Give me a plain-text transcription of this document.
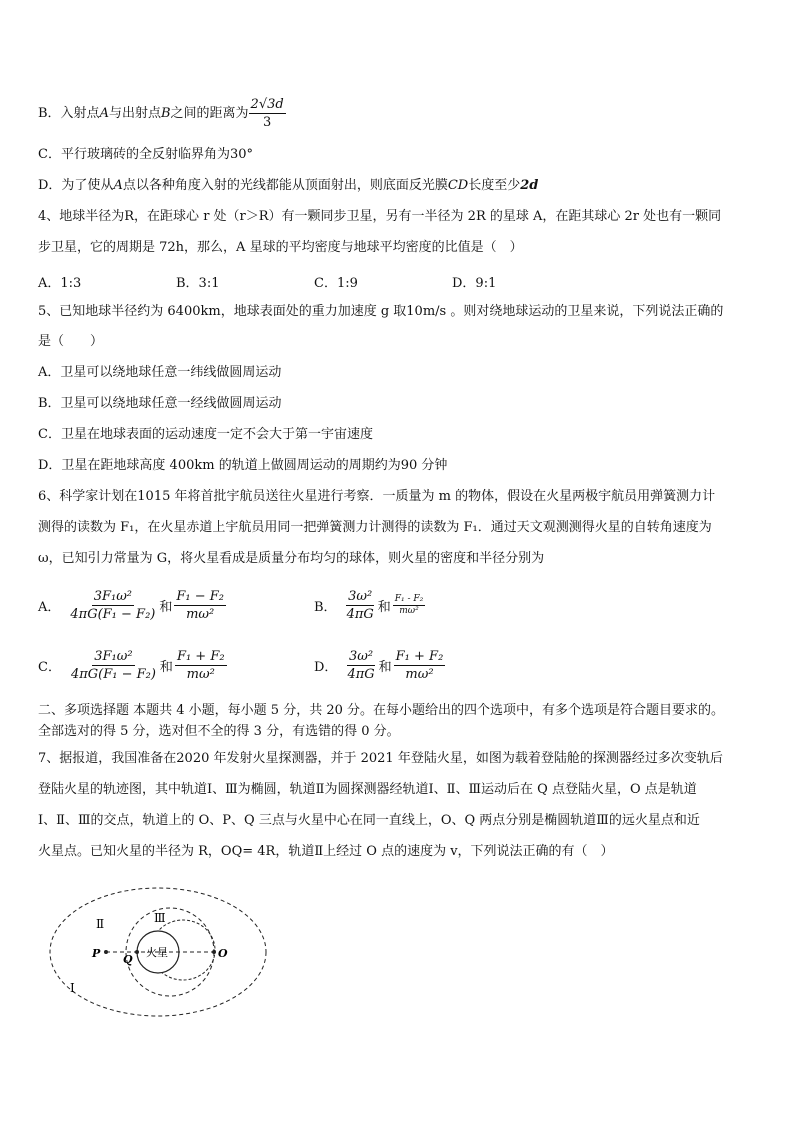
B．入射点 A 与出射点 B 之间的距离为 $\frac{2√3d}{3}$
C．平行玻璃砖的全反射临界角为30°
D．为了使从A点以各种角度入射的光线都能从顶面射出，则底面反光膜CD长度至少2d
4、地球半径为R，在距球心 r 处（r＞R）有一颗同步卫星，另有一半径为 2R 的星球 A，在距其球心 2r 处也有一颗同
步卫星，它的周期是 72h，那么，A 星球的平均密度与地球平均密度的比值是（　）
A．1:3	B．3:1	C．1:9	D．9:1
5、已知地球半径约为 6400km，地球表面处的重力加速度 g 取10m/s 。则对绕地球运动的卫星来说，下列说法正确的
是（　　）
A．卫星可以绕地球任意一纬线做圆周运动
B．卫星可以绕地球任意一经线做圆周运动
C．卫星在地球表面的运动速度一定不会大于第一宇宙速度
D．卫星在距地球高度 400km 的轨道上做圆周运动的周期约为90 分钟
6、科学家计划在1015 年将首批宇航员送往火星进行考察．一质量为 m 的物体，假设在火星两极宇航员用弹簧测力计
测得的读数为 F₁，在火星赤道上宇航员用同一把弹簧测力计测得的读数为 F₁．通过天文观测测得火星的自转角速度为
ω，已知引力常量为 G，将火星看成是质量分布均匀的球体，则火星的密度和半径分别为
A． $\frac{\text{3F₁ω²}}{\text{4πG(F₁ − F₂)}}$ 和 $\frac{\text{F₁ − F₂}}{\text{mω²}}$	B． $\frac{\text{3ω²}}{4\pi G}$ 和 $\frac{\text{F₁ - F₂}}{\text{mω²}}$
C． $\frac{\text{3F₁ω²}}{\text{4πG(F₁ − F₂)}}$ 和 $\frac{\text{F₁ + F₂}}{\text{mω²}}$	D． $\frac{\text{3ω²}}{4\pi G}$ 和 $\frac{\text{F₁ + F₂}}{\text{mω²}}$
二、多项选择题 本题共 4 小题，每小题 5 分，共 20 分。在每小题给出的四个选项中，有多个选项是符合题目要求的。
全部选对的得 5 分，选对但不全的得 3 分，有选错的得 0 分。
7、据报道，我国准备在2020 年发射火星探测器，并于 2021 年登陆火星，如图为载着登陆舱的探测器经过多次变轨后
登陆火星的轨迹图，其中轨道Ⅰ、Ⅲ为椭圆，轨道Ⅱ为圆探测器经轨道Ⅰ、Ⅱ、Ⅲ运动后在 Q 点登陆火星，O 点是轨道
Ⅰ、Ⅱ、Ⅲ的交点，轨道上的 O、P、Q 三点与火星中心在同一直线上，O、Q 两点分别是椭圆轨道Ⅲ的远火星点和近
火星点。已知火星的半径为 R，OQ= 4R，轨道Ⅱ上经过 O 点的速度为 v，下列说法正确的有（　）
Ⅱ	Ⅲ
Ⅰ
P Q	O
火星
